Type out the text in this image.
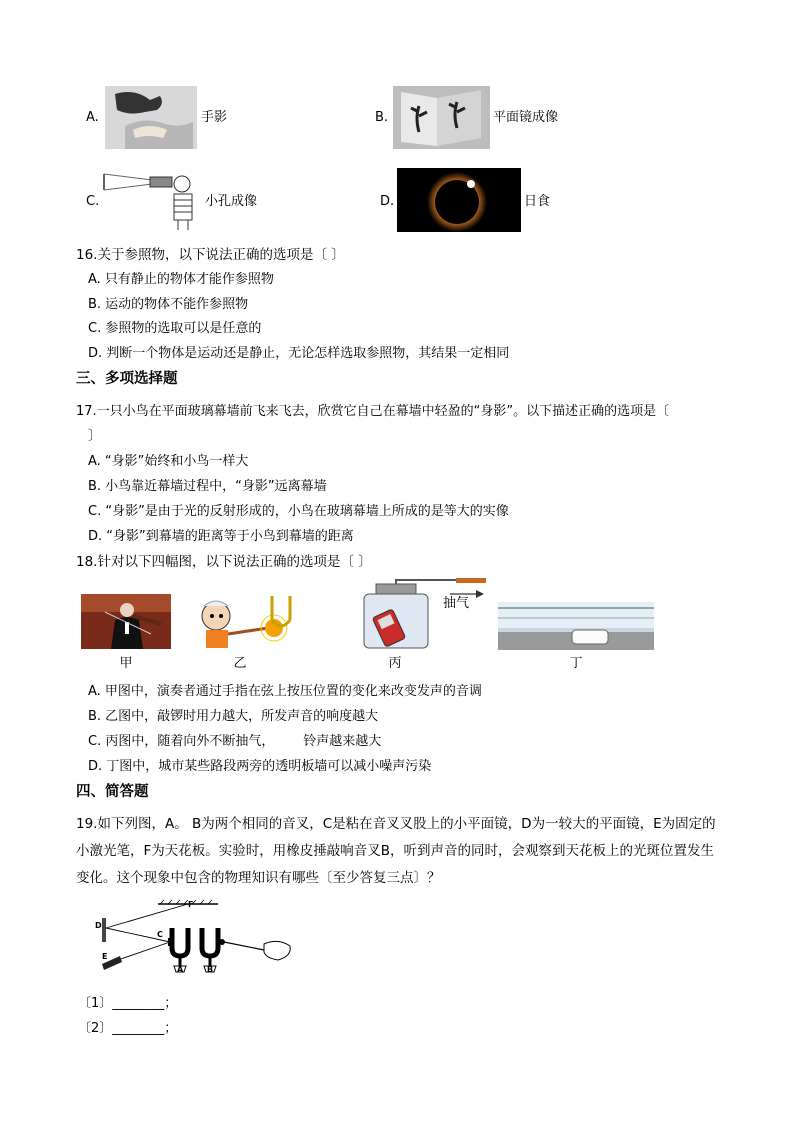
A.	手影	B.	平面镜成像
C.	小孔成像	D.	日食
16.关于参照物，以下说法正确的选项是〔 〕
A. 只有静止的物体才能作参照物
B. 运动的物体不能作参照物
C. 参照物的选取可以是任意的
D. 判断一个物体是运动还是静止，无论怎样选取参照物，其结果一定相同
三、多项选择题
17.一只小鸟在平面玻璃幕墙前飞来飞去，欣赏它自己在幕墙中轻盈的“身影”。以下描述正确的选项是〔
〕
A. “身影”始终和小鸟一样大
B. 小鸟靠近幕墙过程中，“身影”远离幕墙
C. “身影”是由于光的反射形成的，小鸟在玻璃幕墙上所成的是等大的实像
D. “身影”到幕墙的距离等于小鸟到幕墙的距离
18.针对以下四幅图，以下说法正确的选项是〔 〕
抽气
甲	乙	丙	丁
A. 甲图中，演奏者通过手指在弦上按压位置的变化来改变发声的音调
B. 乙图中，敲锣时用力越大，所发声音的响度越大
C. 丙图中，随着向外不断抽气，       铃声越来越大
D. 丁图中，城市某些路段两旁的透明板墙可以减小噪声污染
四、简答题
19.如下列图，A。 B为两个相同的音叉，C是粘在音叉叉股上的小平面镜，D为一较大的平面镜，E为固定的小激光笔，F为天花板。实验时，用橡皮捶敲响音叉B，听到声音的同时，会观察到天花板上的光斑位置发生变化。这个现象中包含的物理知识有哪些〔至少答复三点〕？
F
D
C
E
A	B
〔1〕________；
〔2〕________；
